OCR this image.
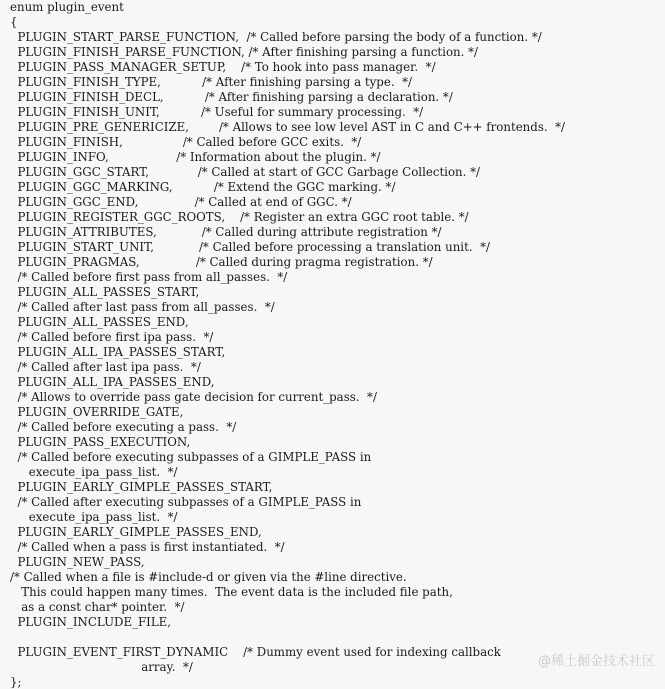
enum plugin_event
{
PLUGIN_START_PARSE_FUNCTION,  /* Called before parsing the body of a function. */
PLUGIN_FINISH_PARSE_FUNCTION, /* After finishing parsing a function. */
PLUGIN_PASS_MANAGER_SETUP,    /* To hook into pass manager.  */
PLUGIN_FINISH_TYPE,           /* After finishing parsing a type.  */
PLUGIN_FINISH_DECL,           /* After finishing parsing a declaration. */
PLUGIN_FINISH_UNIT,           /* Useful for summary processing.  */
PLUGIN_PRE_GENERICIZE,        /* Allows to see low level AST in C and C++ frontends.  */
PLUGIN_FINISH,                /* Called before GCC exits.  */
PLUGIN_INFO,                  /* Information about the plugin. */
PLUGIN_GGC_START,             /* Called at start of GCC Garbage Collection. */
PLUGIN_GGC_MARKING,           /* Extend the GGC marking. */
PLUGIN_GGC_END,               /* Called at end of GGC. */
PLUGIN_REGISTER_GGC_ROOTS,    /* Register an extra GGC root table. */
PLUGIN_ATTRIBUTES,            /* Called during attribute registration */
PLUGIN_START_UNIT,            /* Called before processing a translation unit.  */
PLUGIN_PRAGMAS,               /* Called during pragma registration. */
/* Called before first pass from all_passes.  */
PLUGIN_ALL_PASSES_START,
/* Called after last pass from all_passes.  */
PLUGIN_ALL_PASSES_END,
/* Called before first ipa pass.  */
PLUGIN_ALL_IPA_PASSES_START,
/* Called after last ipa pass.  */
PLUGIN_ALL_IPA_PASSES_END,
/* Allows to override pass gate decision for current_pass.  */
PLUGIN_OVERRIDE_GATE,
/* Called before executing a pass.  */
PLUGIN_PASS_EXECUTION,
/* Called before executing subpasses of a GIMPLE_PASS in
execute_ipa_pass_list.  */
PLUGIN_EARLY_GIMPLE_PASSES_START,
/* Called after executing subpasses of a GIMPLE_PASS in
execute_ipa_pass_list.  */
PLUGIN_EARLY_GIMPLE_PASSES_END,
/* Called when a pass is first instantiated.  */
PLUGIN_NEW_PASS,
/* Called when a file is #include-d or given via the #line directive.
This could happen many times.  The event data is the included file path,
as a const char* pointer.  */
PLUGIN_INCLUDE_FILE,
PLUGIN_EVENT_FIRST_DYNAMIC    /* Dummy event used for indexing callback
array.  */
};
@稀土掘金技术社区
